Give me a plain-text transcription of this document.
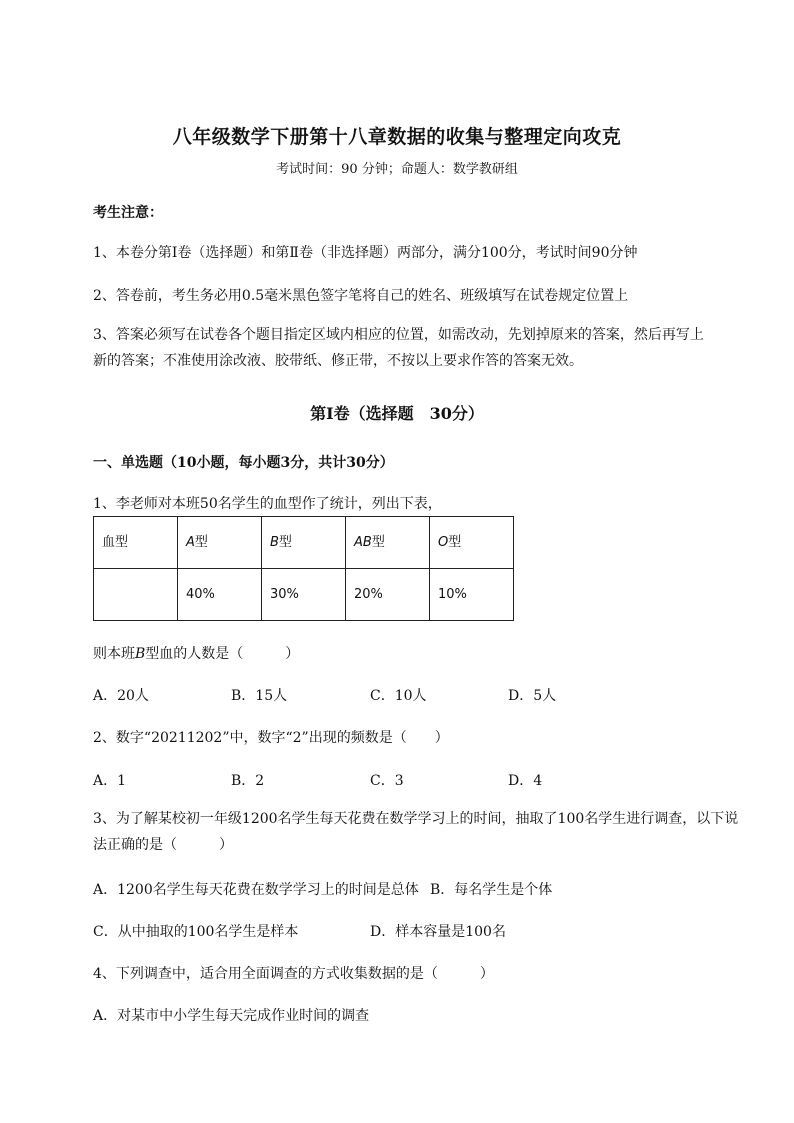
八年级数学下册第十八章数据的收集与整理定向攻克
考试时间：90 分钟；命题人：数学教研组
考生注意：
1、本卷分第I卷（选择题）和第Ⅱ卷（非选择题）两部分，满分100分，考试时间90分钟
2、答卷前，考生务必用0.5毫米黑色签字笔将自己的姓名、班级填写在试卷规定位置上
3、答案必须写在试卷各个题目指定区域内相应的位置，如需改动，先划掉原来的答案，然后再写上新的答案；不准使用涂改液、胶带纸、修正带，不按以上要求作答的答案无效。
第I卷（选择题　30分）
一、单选题（10小题，每小题3分，共计30分）
1、李老师对本班50名学生的血型作了统计，列出下表，
血型	A型	B型	AB型	O型
	40%	30%	20%	10%
则本班B型血的人数是（　　　）
A．20人	B．15人	C．10人	D．5人
2、数字“20211202”中，数字“2”出现的频数是（　　）
A．1	B．2	C．3	D．4
3、为了解某校初一年级1200名学生每天花费在数学学习上的时间，抽取了100名学生进行调查，以下说法正确的是（　　　）
A．1200名学生每天花费在数学学习上的时间是总体 B．每名学生是个体
C．从中抽取的100名学生是样本	D．样本容量是100名
4、下列调查中，适合用全面调查的方式收集数据的是（　　　）
A．对某市中小学生每天完成作业时间的调查
